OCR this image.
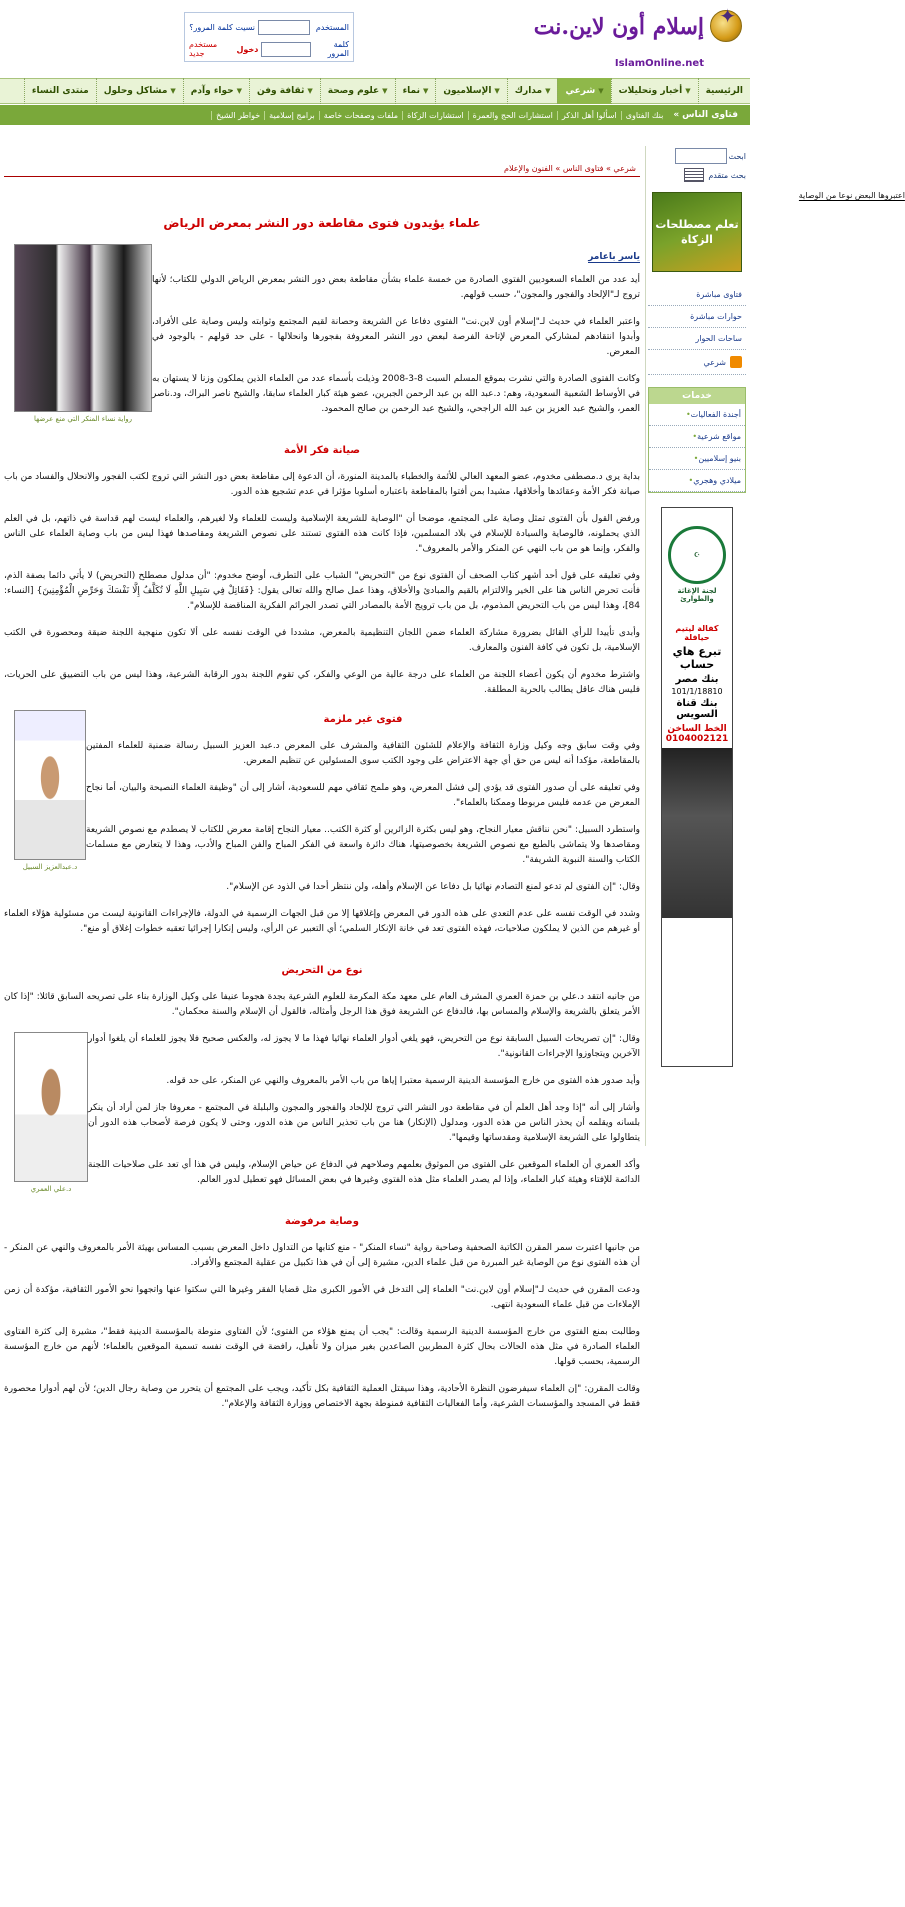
✦
إسلام أون لاين.نت
IslamOnline.net
المستخدم
نسيت كلمة المرور؟
كلمة المرور
دخول
مستخدم جديد
الرئيسية
أخبار وتحليلات ▼
شرعي ▼
مدارك ▼
الإسلاميون ▼
نماء ▼
علوم وصحة ▼
ثقافة وفن ▼
حواء وآدم ▼
مشاكل وحلول ▼
منتدى النساء
« فتاوى الناس
بنك الفتاوى
اسألوا أهل الذكر
استشارات الحج والعمرة
استشارات الزكاة
ملفات وصفحات خاصة
برامج إسلامية
خواطر الشيخ
ابحث
بحث متقدم
تعلم مصطلحات الزكاة
فتاوى مباشرة
حوارات مباشرة
ساحات الحوار
شرعي
خدمات
•أجندة الفعاليات
•مواقع شرعية
•بنيو إسلاميين
•ميلادي وهجري
☪
لجنة الإغاثة والطوارئ
كفالة ليتيم حيافلة
تبرع هاي حساب
بنك مصر
101/1/18810
بنك قناة السويس
الخط الساخن
0104002121
شرعي » فتاوى الناس » الفنون والإعلام
اعتبروها البعض نوعا من الوصاية
علماء يؤيدون فتوى مقاطعة دور النشر بمعرض الرياض
ياسر باعامر
رواية نساء المنكر التي منع عرضها

أيد عدد من العلماء السعوديين الفتوى الصادرة من خمسة علماء بشأن مقاطعة بعض دور النشر بمعرض الرياض الدولي للكتاب؛ لأنها تروج لـ"الإلحاد والفجور والمجون"، حسب قولهم.

واعتبر العلماء في حديث لـ"إسلام أون لاين.نت" الفتوى دفاعا عن الشريعة وحصانة لقيم المجتمع وثوابته وليس وصاية على الأفراد، وأبدوا انتقادهم لمشاركي المعرض لإتاحة الفرصة لبعض دور النشر المعروفة بفجورها وانحلالها - على حد قولهم - بالوجود في المعرض.

وكانت الفتوى الصادرة والتي نشرت بموقع المسلم السبت 8-3-2008 وذيلت بأسماء عدد من العلماء الذين يملكون وزنا لا يستهان به في الأوساط الشعبية السعودية، وهم: د.عبد الله بن عبد الرحمن الجبرين، عضو هيئة كبار العلماء سابقا، والشيخ ناصر البراك، ود.ناصر العمر، والشيخ عبد العزيز بن عبد الله الراجحي، والشيخ عبد الرحمن بن صالح المحمود.

صيانة فكر الأمة

بداية يرى د.مصطفى مخدوم، عضو المعهد العالي للأئمة والخطباء بالمدينة المنورة، أن الدعوة إلى مقاطعة بعض دور النشر التي تروج لكتب الفجور والانحلال والفساد من باب صيانة فكر الأمة وعقائدها وأخلاقها، مشيدا بمن أفتوا بالمقاطعة باعتباره أسلوبا مؤثرا في عدم تشجيع هذه الدور.

ورفض القول بأن الفتوى تمثل وصاية على المجتمع، موضحا أن "الوصاية للشريعة الإسلامية وليست للعلماء ولا لغيرهم، والعلماء ليست لهم قداسة في ذاتهم، بل في العلم الذي يحملونه، فالوصاية والسيادة للإسلام في بلاد المسلمين، فإذا كانت هذه الفتوى تستند على نصوص الشريعة ومقاصدها فهذا ليس من باب وصاية العلماء على الناس والفكر، وإنما هو من باب النهي عن المنكر والأمر بالمعروف".

وفي تعليقه على قول أحد أشهر كتاب الصحف أن الفتوى نوع من "التحريض" الشباب على التطرف، أوضح مخدوم: "أن مدلول مصطلح (التحريض) لا يأتي دائما بصفة الذم، فأنت تحرض الناس هنا على الخير والالتزام بالقيم والمبادئ والأخلاق، وهذا عمل صالح والله تعالى يقول: {فَقَاتِلْ فِي سَبِيلِ اللَّهِ لَا تُكَلَّفُ إِلَّا نَفْسَكَ وَحَرِّضِ الْمُؤْمِنِينَ} [النساء: 84]، وهذا ليس من باب التحريض المذموم، بل من باب ترويج الأمة بالمصادر التي تصدر الجرائم الفكرية المناقضة للإسلام".

وأبدى تأييدا للرأي القائل بضرورة مشاركة العلماء ضمن اللجان التنظيمية بالمعرض، مشددا في الوقت نفسه على ألا تكون منهجية اللجنة ضيقة ومحصورة في الكتب الإسلامية، بل تكون في كافة الفنون والمعارف.

واشترط مخدوم أن يكون أعضاء اللجنة من العلماء على درجة عالية من الوعي والفكر، كي تقوم اللجنة بدور الرقابة الشرعية، وهذا ليس من باب التضييق على الحريات، فليس هناك عاقل يطالب بالحرية المطلقة.

د.عبدالعزيز السبيل
فتوى غير ملزمة

وفي وقت سابق وجه وكيل وزارة الثقافة والإعلام للشئون الثقافية والمشرف على المعرض د.عبد العزيز السبيل رسالة ضمنية للعلماء المفتين بالمقاطعة، مؤكدا أنه ليس من حق أي جهة الاعتراض على وجود الكتب سوى المسئولين عن تنظيم المعرض.

وفي تعليقه على أن صدور الفتوى قد يؤدي إلى فشل المعرض، وهو ملمح ثقافي مهم للسعودية، أشار إلى أن "وظيفة العلماء النصيحة والبيان، أما نجاح المعرض من عدمه فليس مربوطا وممكنا بالعلماء".

واستطرد السبيل: "نحن نناقش معيار النجاح، وهو ليس بكثرة الزائرين أو كثرة الكتب.. معيار النجاح إقامة معرض للكتاب لا يصطدم مع نصوص الشريعة ومقاصدها ولا يتماشى بالطبع مع نصوص الشريعة بخصوصيتها، هناك دائرة واسعة في الفكر المباح والفن المباح والأدب، وهذا لا يتعارض مع مسلمات الكتاب والسنة النبوية الشريفة".

وقال: "إن الفتوى لم تدعو لمنع التصادم نهائيا بل دفاعا عن الإسلام وأهله، ولن ننتظر أحدا في الذود عن الإسلام".

وشدد في الوقت نفسه على عدم التعدي على هذه الدور في المعرض وإغلاقها إلا من قبل الجهات الرسمية في الدولة، فالإجراءات القانونية ليست من مسئولية هؤلاء العلماء أو غيرهم من الذين لا يملكون صلاحيات، فهذه الفتوى تعد في خانة الإنكار السلمي؛ أي التعبير عن الرأي، وليس إنكارا إجرائيا تعقبه خطوات إغلاق أو منع".

نوع من التحريض

من جانبه انتقد د.علي بن حمزة العمري المشرف العام على معهد مكة المكرمة للعلوم الشرعية بجدة هجوما عنيفا على وكيل الوزارة بناء على تصريحه السابق قائلا: "إذا كان الأمر يتعلق بالشريعة والإسلام والمساس بها، فالدفاع عن الشريعة فوق هذا الرجل وأمثاله، فالقول أن الإسلام والسنة محكمان".

د.علي العمري

وقال: "إن تصريحات السبيل السابقة نوع من التحريض، فهو يلغي أدوار العلماء نهائيا فهذا ما لا يجوز له، والعكس صحيح فلا يجوز للعلماء أن يلغوا أدوار الآخرين ويتجاوزوا الإجراءات القانونية".

وأيد صدور هذه الفتوى من خارج المؤسسة الدينية الرسمية معتبرا إياها من باب الأمر بالمعروف والنهي عن المنكر، على حد قوله.

وأشار إلى أنه "إذا وجد أهل العلم أن في مقاطعة دور النشر التي تروج للإلحاد والفجور والمجون والبلبلة في المجتمع - معروفا جاز لمن أراد أن ينكر بلسانه ويقلمه أن يحذر الناس من هذه الدور، ومدلول (الإنكار) هنا من باب تحذير الناس من هذه الدور، وحتى لا يكون فرصة لأصحاب هذه الدور أن يتطاولوا على الشريعة الإسلامية ومقدساتها وقيمها".

وأكد العمري أن العلماء الموقعين على الفتوى من الموثوق بعلمهم وصلاحهم في الدفاع عن حياض الإسلام، وليس في هذا أي تعد على صلاحيات اللجنة الدائمة للإفتاء وهيئة كبار العلماء، وإذا لم يصدر العلماء مثل هذه الفتوى وغيرها في بعض المسائل فهو تعطيل لدور العالم.

وصاية مرفوضة

من جانبها اعتبرت سمر المقرن الكاتبة الصحفية وصاحبة رواية "نساء المنكر" - منع كتابها من التداول داخل المعرض بسبب المساس بهيئة الأمر بالمعروف والنهي عن المنكر - أن هذه الفتوى نوع من الوصاية غير المبررة من قبل علماء الدين، مشيرة إلى أن في هذا تكبيل من عقلية المجتمع والأفراد.

ودعت المقرن في حديث لـ"إسلام أون لاين.نت" العلماء إلى التدخل في الأمور الكبرى مثل قضايا الفقر وغيرها التي سكتوا عنها واتجهوا نحو الأمور الثقافية، مؤكدة أن زمن الإملاءات من قبل علماء السعودية انتهى.

وطالبت بمنع الفتوى من خارج المؤسسة الدينية الرسمية وقالت: "يجب أن يمنع هؤلاء من الفتوى؛ لأن الفتاوى منوطة بالمؤسسة الدينية فقط"، مشيرة إلى كثرة الفتاوى العلماء الصادرة في مثل هذه الحالات بحال كثرة المطربين الصاعدين بغير ميزان ولا تأهيل، رافضة في الوقت نفسه تسمية الموقعين بالعلماء؛ لأنهم من خارج المؤسسة الرسمية، بحسب قولها.

وقالت المقرن: "إن العلماء سيفرضون النظرة الأحادية، وهذا سيقتل العملية الثقافية بكل تأكيد، ويجب على المجتمع أن يتحرر من وصاية رجال الدين؛ لأن لهم أدوارا محصورة فقط في المسجد والمؤسسات الشرعية، وأما الفعاليات الثقافية فمنوطة بجهة الاختصاص ووزارة الثقافة والإعلام".
